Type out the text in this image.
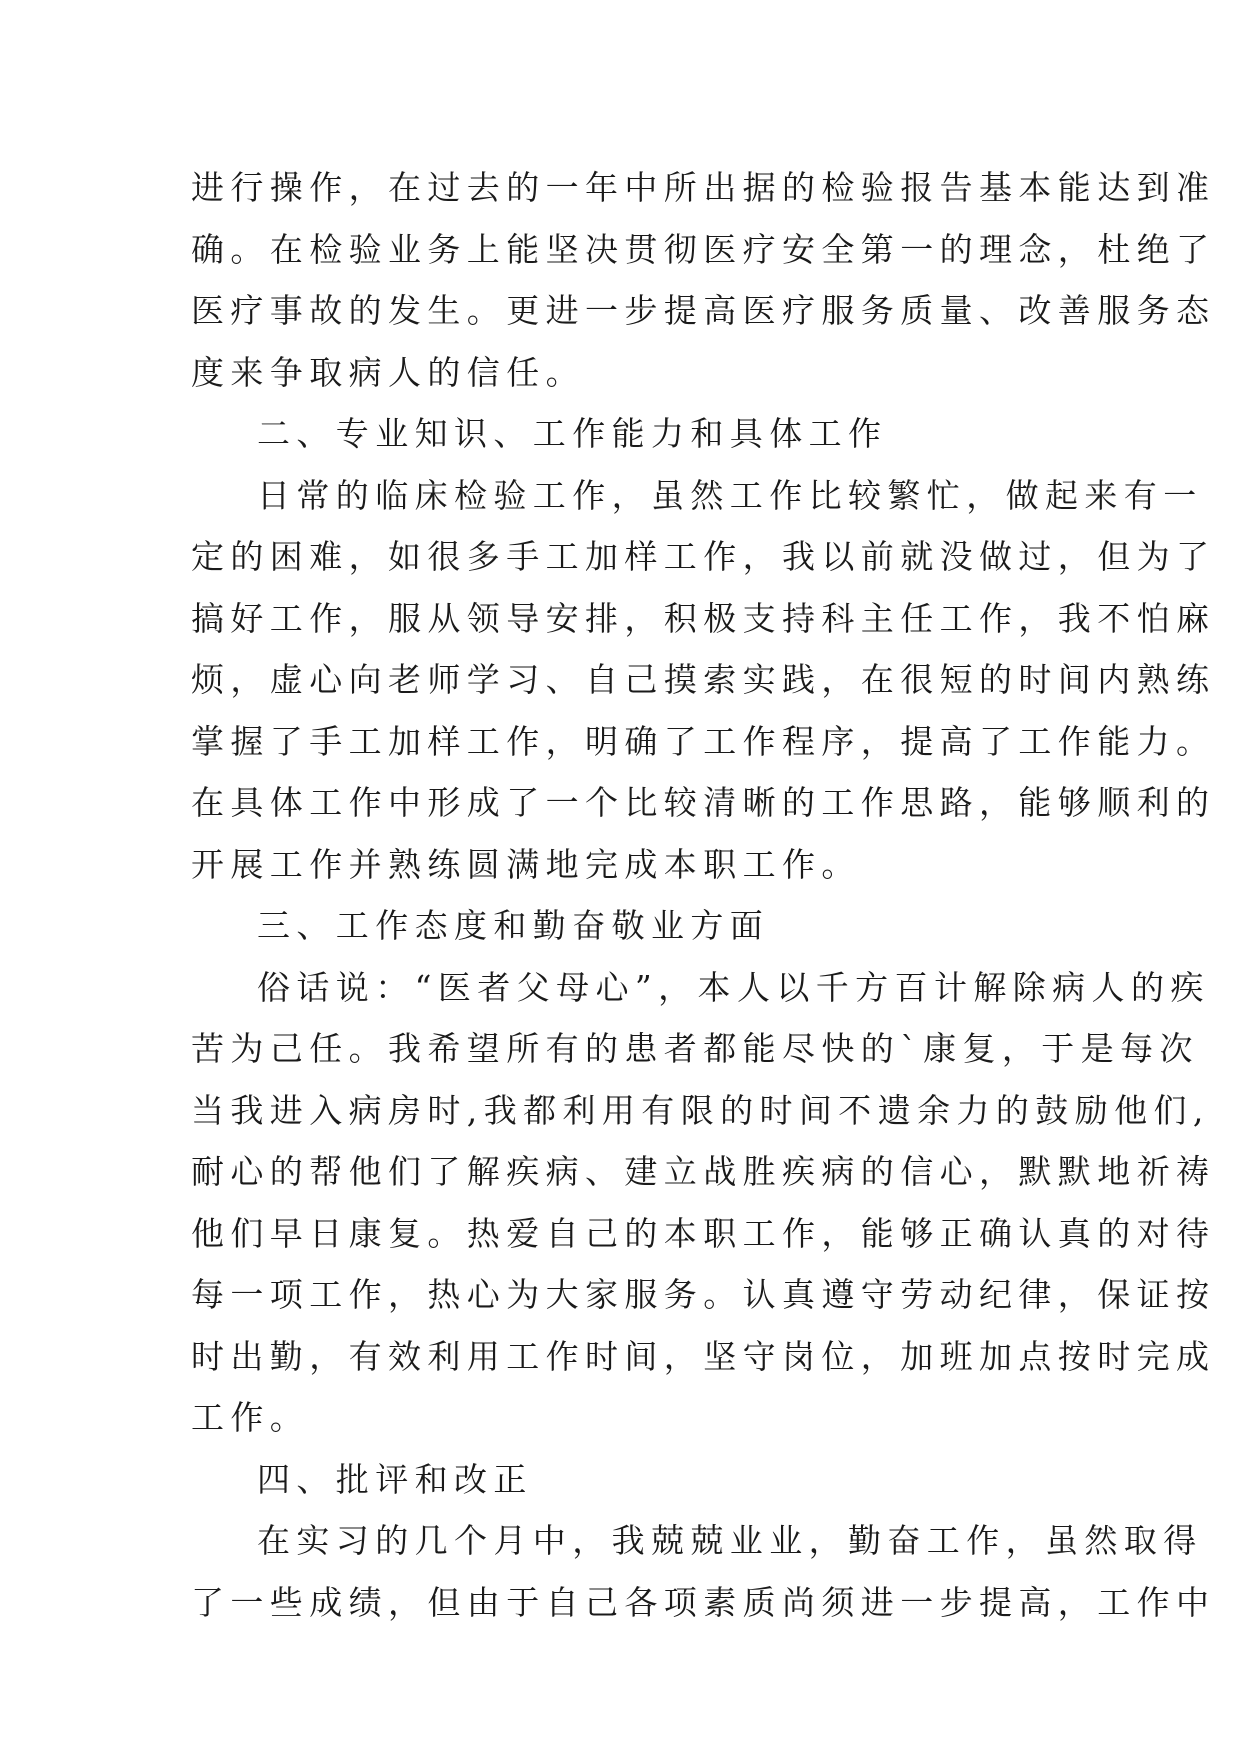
进行操作，在过去的一年中所出据的检验报告基本能达到准
确。在检验业务上能坚决贯彻医疗安全第一的理念，杜绝了
医疗事故的发生。更进一步提高医疗服务质量、改善服务态
度来争取病人的信任。
二、专业知识、工作能力和具体工作
日常的临床检验工作，虽然工作比较繁忙，做起来有一
定的困难，如很多手工加样工作，我以前就没做过，但为了
搞好工作，服从领导安排，积极支持科主任工作，我不怕麻
烦，虚心向老师学习、自己摸索实践，在很短的时间内熟练
掌握了手工加样工作，明确了工作程序，提高了工作能力。
在具体工作中形成了一个比较清晰的工作思路，能够顺利的
开展工作并熟练圆满地完成本职工作。
三、工作态度和勤奋敬业方面
俗话说：“医者父母心”，本人以千方百计解除病人的疾
苦为己任。我希望所有的患者都能尽快的`康复，于是每次
当我进入病房时,我都利用有限的时间不遗余力的鼓励他们,
耐心的帮他们了解疾病、建立战胜疾病的信心，默默地祈祷
他们早日康复。热爱自己的本职工作，能够正确认真的对待
每一项工作，热心为大家服务。认真遵守劳动纪律，保证按
时出勤，有效利用工作时间，坚守岗位，加班加点按时完成
工作。
四、批评和改正
在实习的几个月中，我兢兢业业，勤奋工作，虽然取得
了一些成绩，但由于自己各项素质尚须进一步提高，工作中
